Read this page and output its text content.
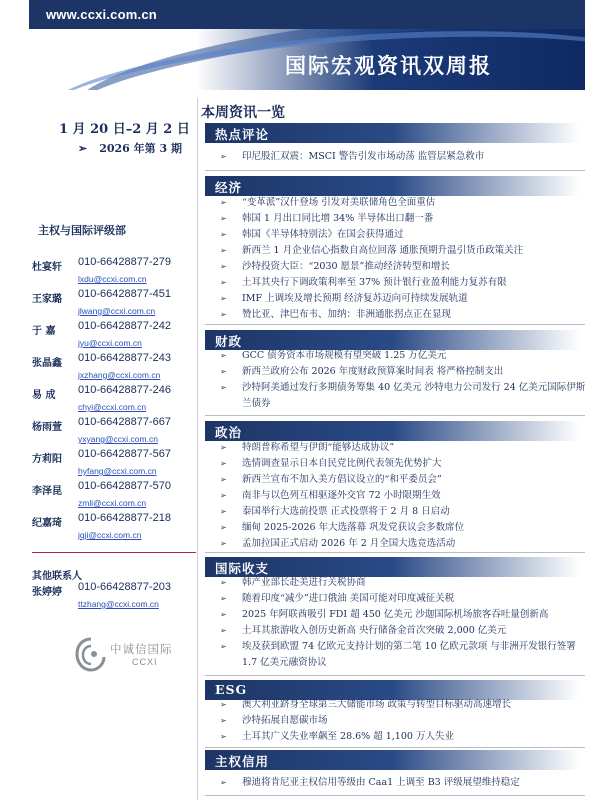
www.ccxi.com.cn
国际宏观资讯双周报
1 月 20 日–2 月 2 日
➢ 2026 年第 3 期
主权与国际评级部
杜宴轩	010-66428877-279
lxdu@ccxi.com.cn
王家璐	010-66428877-451
jlwang@ccxi.com.cn
于 嘉	010-66428877-242
jyu@ccxi.com.cn
张晶鑫	010-66428877-243
jxzhang@ccxi.com.cn
易 成	010-66428877-246
chyi@ccxi.com.cn
杨雨萱	010-66428877-667
yxyang@ccxi.com.cn
方莉阳	010-66428877-567
hyfang@ccxi.com.cn
李泽昆	010-66428877-570
zmli@ccxi.com.cn
纪嘉琦	010-66428877-218
jqji@ccxi.com.cn
其他联系人
张婷婷 010-66428877-203
ttzhang@ccxi.com.cn
中诚信国际
CCXI
本周资讯一览
热点评论
➢ 印尼股汇双震：MSCI 警告引发市场动荡 监管层紧急救市
经济
➢ “变革派”汉什登场 引发对美联储角色全面重估
➢ 韩国 1 月出口同比增 34% 半导体出口翻一番
➢ 韩国《半导体特别法》在国会获得通过
➢ 新西兰 1 月企业信心指数自高位回落 通胀预期升温引货币政策关注
➢ 沙特投资大臣：“2030 愿景”推动经济转型和增长
➢ 土耳其央行下调政策利率至 37% 预计银行业盈利能力复苏有限
➢ IMF 上调埃及增长预期 经济复苏迈向可持续发展轨道
➢ 赞比亚、津巴布韦、加纳：非洲通胀拐点正在显现
财政
➢ GCC 债务资本市场规模有望突破 1.25 万亿美元
➢ 新西兰政府公布 2026 年度财政预算案时间表 将严格控制支出
➢ 沙特阿美通过发行多期债务筹集 40 亿美元 沙特电力公司发行 24 亿美元国际伊斯兰债券
政治
➢ 特朗普称希望与伊朗“能够达成协议”
➢ 选情调查显示日本自民党比例代表领先优势扩大
➢ 新西兰宣布不加入美方倡议设立的“和平委员会”
➢ 南非与以色列互相驱逐外交官 72 小时限期生效
➢ 泰国举行大选前投票 正式投票将于 2 月 8 日启动
➢ 缅甸 2025-2026 年大选落幕 巩发党获议会多数席位
➢ 孟加拉国正式启动 2026 年 2 月全国大选竞选活动
国际收支
➢ 韩产业部长赴美进行关税协商
➢ 随着印度“减少”进口俄油 美国可能对印度减征关税
➢ 2025 年阿联酋吸引 FDI 超 450 亿美元 沙迦国际机场旅客吞吐量创新高
➢ 土耳其旅游收入创历史新高 央行储备金首次突破 2,000 亿美元
➢ 埃及获到欧盟 74 亿欧元支持计划的第二笔 10 亿欧元款项 与非洲开发银行签署 1.7 亿美元融资协议
ESG
➢ 澳大利亚跻身全球第三大储能市场 政策与转型目标驱动高速增长
➢ 沙特拓展自愿碳市场
➢ 土耳其广义失业率飙至 28.6% 超 1,100 万人失业
主权信用
➢ 穆迪将肯尼亚主权信用等级由 Caa1 上调至 B3 评级展望维持稳定
